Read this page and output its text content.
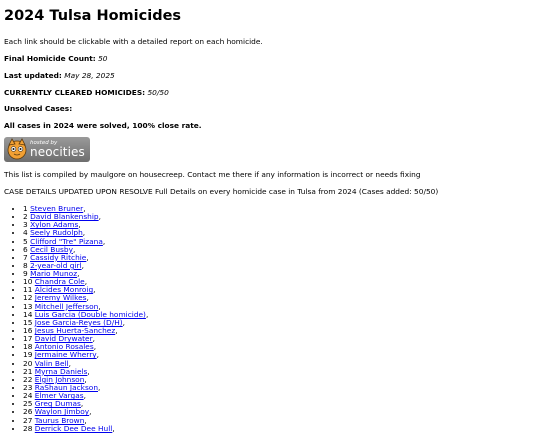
2024 Tulsa Homicides

Each link should be clickable with a detailed report on each homicide.

Final Homicide Count: 50

Last updated: May 28, 2025

CURRENTLY CLEARED HOMICIDES: 50/50

Unsolved Cases:

All cases in 2024 were solved, 100% close rate.

hosted by
neocities

This list is compiled by maulgore on housecreep. Contact me there if any information is incorrect or needs fixing

CASE DETAILS UPDATED UPON RESOLVE Full Details on every homicide case in Tulsa from 2024 (Cases added: 50/50)

• 1 Steven Bruner,
• 2 David Blankenship,
• 3 Xylon Adams,
• 4 Seely Rudolph,
• 5 Clifford "Tre" Pizana,
• 6 Cecil Busby,
• 7 Cassidy Ritchie,
• 8 2-year-old girl,
• 9 Mario Munoz,
• 10 Chandra Cole,
• 11 Alcides Monroig,
• 12 Jeremy Wilkes,
• 13 Mitchell Jefferson,
• 14 Luis Garcia (Double homicide),
• 15 Jose Garcia-Reyes (D/H),
• 16 Jesus Huerta-Sanchez,
• 17 David Drywater,
• 18 Antonio Rosales,
• 19 Jermaine Wherry,
• 20 Valin Bell,
• 21 Myrna Daniels,
• 22 Elgin Johnson,
• 23 RaShaun Jackson,
• 24 Elmer Vargas,
• 25 Greg Dumas,
• 26 Waylon Jimboy,
• 27 Taurus Brown,
• 28 Derrick Dee Dee Hull,
